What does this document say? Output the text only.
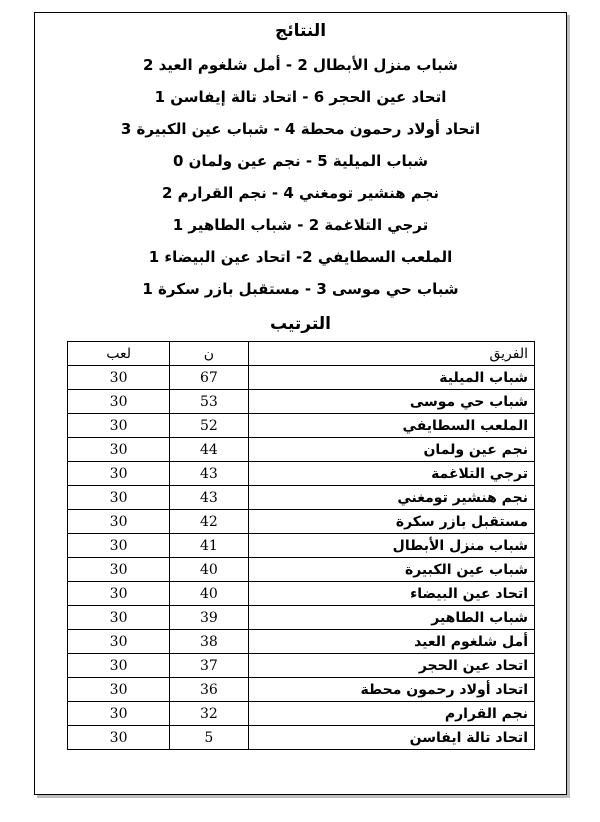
النتائج
شباب منزل الأبطال 2 - أمل شلغوم العيد 2
اتحاد عين الحجر 6 - اتحاد تالة إيفاسن 1
اتحاد أولاد رحمون محطة 4 - شباب عين الكبيرة 3
شباب الميلية 5 - نجم عين ولمان 0
نجم هنشير تومغني 4 - نجم القرارم 2
ترجي التلاغمة 2 - شباب الطاهير 1
الملعب السطايفي 2- اتحاد عين البيضاء 1
شباب حي موسى 3 - مستقبل بازر سكرة 1
الترتيب
الفريق	ن	لعب
شباب الميلية	67	30
شباب حي موسى	53	30
الملعب السطايفي	52	30
نجم عين ولمان	44	30
ترجي التلاغمة	43	30
نجم هنشير تومغني	43	30
مستقبل بازر سكرة	42	30
شباب منزل الأبطال	41	30
شباب عين الكبيرة	40	30
اتحاد عين البيضاء	40	30
شباب الطاهير	39	30
أمل شلغوم العيد	38	30
اتحاد عين الحجر	37	30
اتحاد أولاد رحمون محطة	36	30
نجم القرارم	32	30
اتحاد تالة ايفاسن	5	30
